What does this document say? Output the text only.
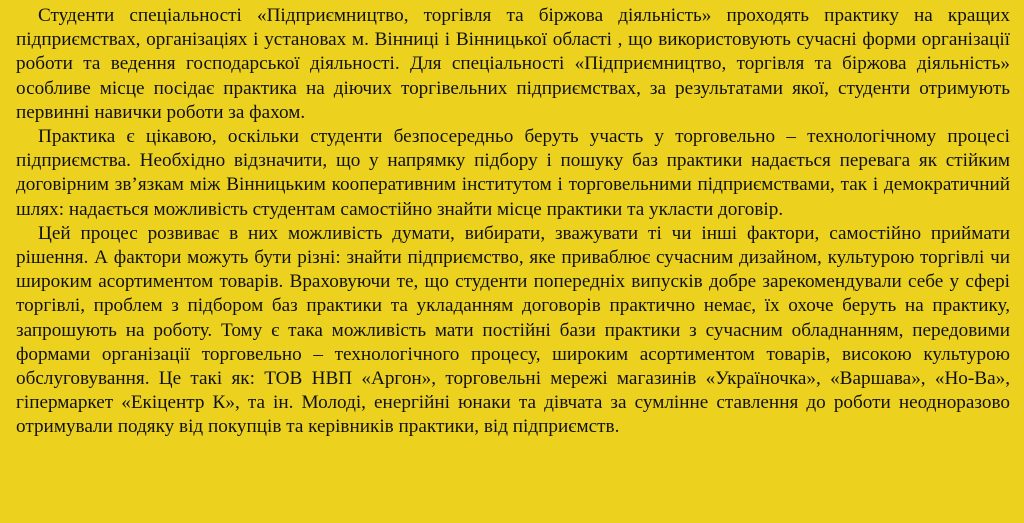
Студенти спеціальності «Підприємництво, торгівля та біржова діяльність» проходять практику на кращих підприємствах, організаціях і установах м. Вінниці і Вінницької області , що використовують сучасні форми організації роботи та ведення господарської діяльності. Для спеціальності «Підприємництво, торгівля та біржова діяльність» особливе місце посідає практика на діючих торгівельних підприємствах, за результатами якої, студенти отримують первинні навички роботи за фахом.

Практика є цікавою, оскільки студенти безпосередньо беруть участь у торговельно – технологічному процесі підприємства. Необхідно відзначити, що у напрямку підбору і пошуку баз практики надається перевага як стійким договірним зв’язкам між Вінницьким кооперативним інститутом і торговельними підприємствами, так і демократичний шлях: надається можливість студентам самостійно знайти місце практики та укласти договір.

Цей процес розвиває в них можливість думати, вибирати, зважувати ті чи інші фактори, самостійно приймати рішення. А фактори можуть бути різні: знайти підприємство, яке приваблює сучасним дизайном, культурою торгівлі чи широким асортиментом товарів. Враховуючи те, що студенти попередніх випусків добре зарекомендували себе у сфері торгівлі, проблем з підбором баз практики та укладанням договорів практично немає, їх охоче беруть на практику, запрошують на роботу. Тому є така можливість мати постійні бази практики з сучасним обладнанням, передовими формами організації торговельно – технологічного процесу, широким асортиментом товарів, високою культурою обслуговування. Це такі як: ТОВ НВП «Аргон», торговельні мережі магазинів «Україночка», «Варшава», «Но-Ва», гіпермаркет «Екіцентр К», та ін. Молоді, енергійні юнаки та дівчата за сумлінне ставлення до роботи неодноразово отримували подяку від покупців та керівників практики, від підприємств.
